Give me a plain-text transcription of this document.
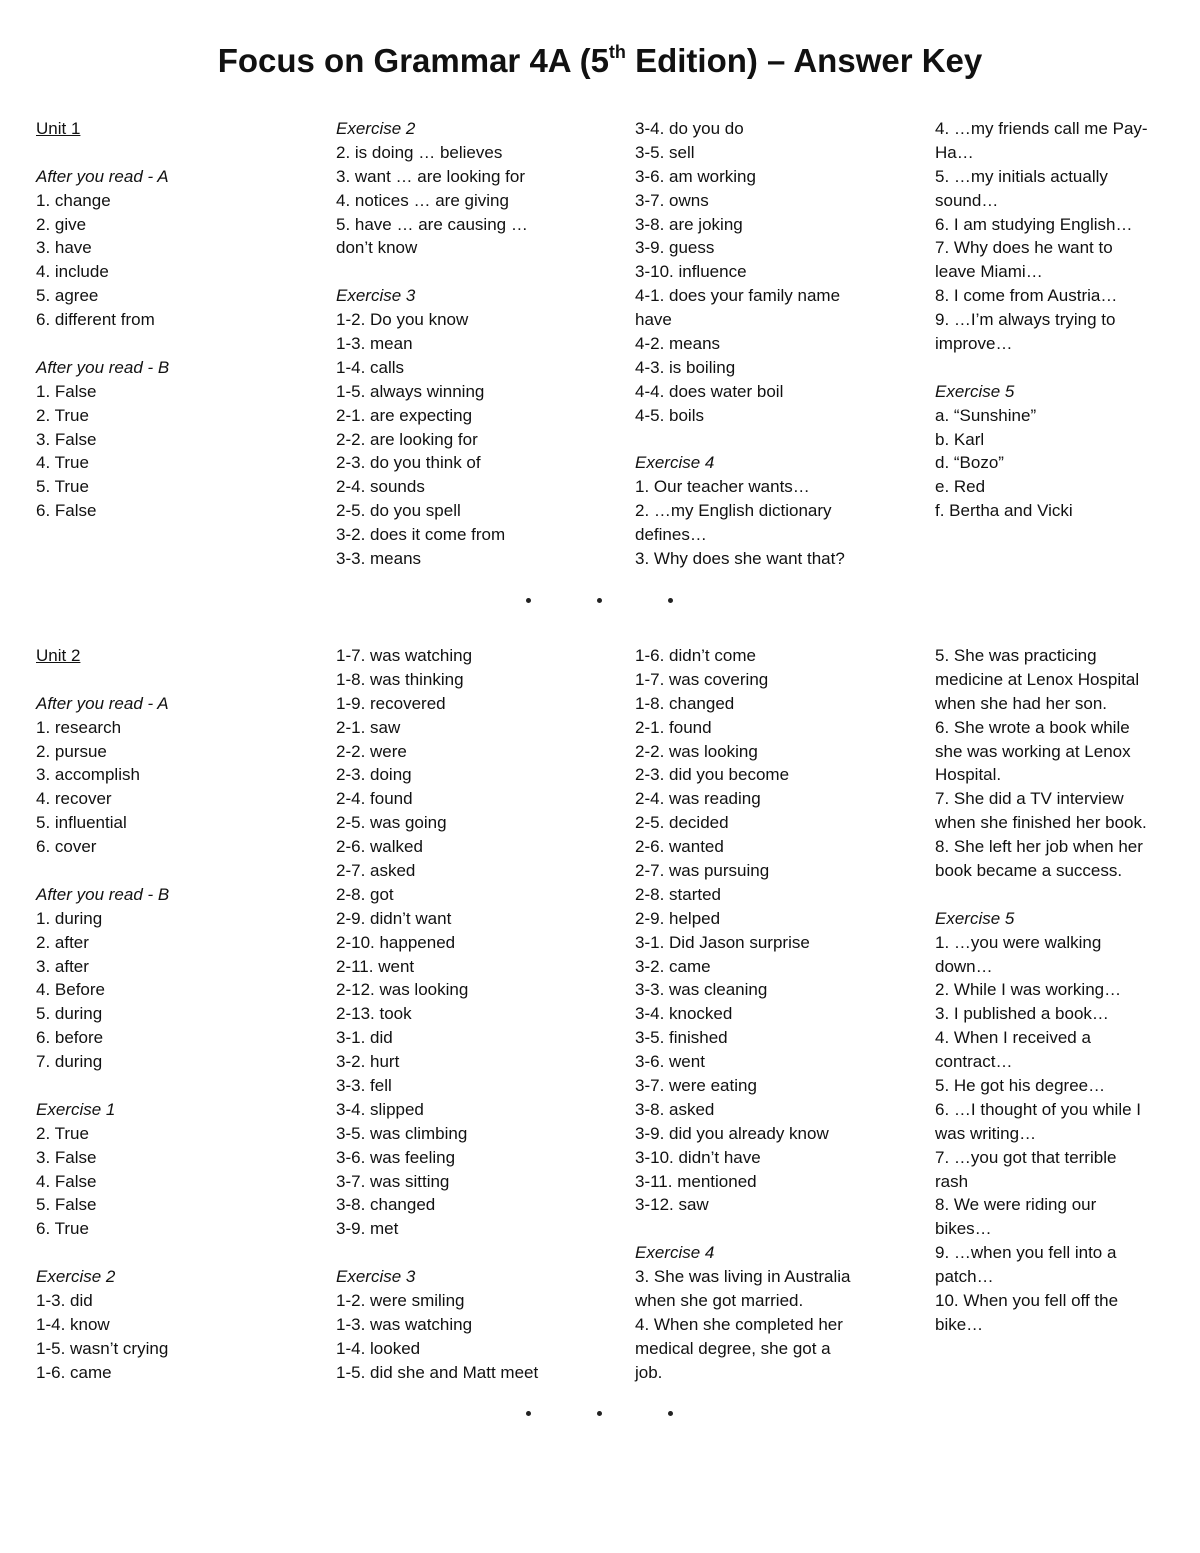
Focus on Grammar 4A (5th Edition) – Answer Key
Unit 1
After you read - A
1. change
2. give
3. have
4. include
5. agree
6. different from
After you read - B
1. False
2. True
3. False
4. True
5. True
6. False
Exercise 2
2. is doing … believes
3. want … are looking for
4. notices … are giving
5. have … are causing …
don’t know
Exercise 3
1-2. Do you know
1-3. mean
1-4. calls
1-5. always winning
2-1. are expecting
2-2. are looking for
2-3. do you think of
2-4. sounds
2-5. do you spell
3-2. does it come from
3-3. means
3-4. do you do
3-5. sell
3-6. am working
3-7. owns
3-8. are joking
3-9. guess
3-10. influence
4-1. does your family name
have
4-2. means
4-3. is boiling
4-4. does water boil
4-5. boils
Exercise 4
1. Our teacher wants…
2. …my English dictionary
defines…
3. Why does she want that?
4. …my friends call me Pay-
Ha…
5. …my initials actually
sound…
6. I am studying English…
7. Why does he want to
leave Miami…
8. I come from Austria…
9. …I’m always trying to
improve…
Exercise 5
a. “Sunshine”
b. Karl
d. “Bozo”
e. Red
f. Bertha and Vicki
Unit 2
After you read - A
1. research
2. pursue
3. accomplish
4. recover
5. influential
6. cover
After you read - B
1. during
2. after
3. after
4. Before
5. during
6. before
7. during
Exercise 1
2. True
3. False
4. False
5. False
6. True
Exercise 2
1-3. did
1-4. know
1-5. wasn’t crying
1-6. came
1-7. was watching
1-8. was thinking
1-9. recovered
2-1. saw
2-2. were
2-3. doing
2-4. found
2-5. was going
2-6. walked
2-7. asked
2-8. got
2-9. didn’t want
2-10. happened
2-11. went
2-12. was looking
2-13. took
3-1. did
3-2. hurt
3-3. fell
3-4. slipped
3-5. was climbing
3-6. was feeling
3-7. was sitting
3-8. changed
3-9. met
Exercise 3
1-2. were smiling
1-3. was watching
1-4. looked
1-5. did she and Matt meet
1-6. didn’t come
1-7. was covering
1-8. changed
2-1. found
2-2. was looking
2-3. did you become
2-4. was reading
2-5. decided
2-6. wanted
2-7. was pursuing
2-8. started
2-9. helped
3-1. Did Jason surprise
3-2. came
3-3. was cleaning
3-4. knocked
3-5. finished
3-6. went
3-7. were eating
3-8. asked
3-9. did you already know
3-10. didn’t have
3-11. mentioned
3-12. saw
Exercise 4
3. She was living in Australia
when she got married.
4. When she completed her
medical degree, she got a
job.
5. She was practicing
medicine at Lenox Hospital
when she had her son.
6. She wrote a book while
she was working at Lenox
Hospital.
7. She did a TV interview
when she finished her book.
8. She left her job when her
book became a success.
Exercise 5
1. …you were walking
down…
2. While I was working…
3. I published a book…
4. When I received a
contract…
5. He got his degree…
6. …I thought of you while I
was writing…
7. …you got that terrible
rash
8. We were riding our
bikes…
9. …when you fell into a
patch…
10. When you fell off the
bike…
